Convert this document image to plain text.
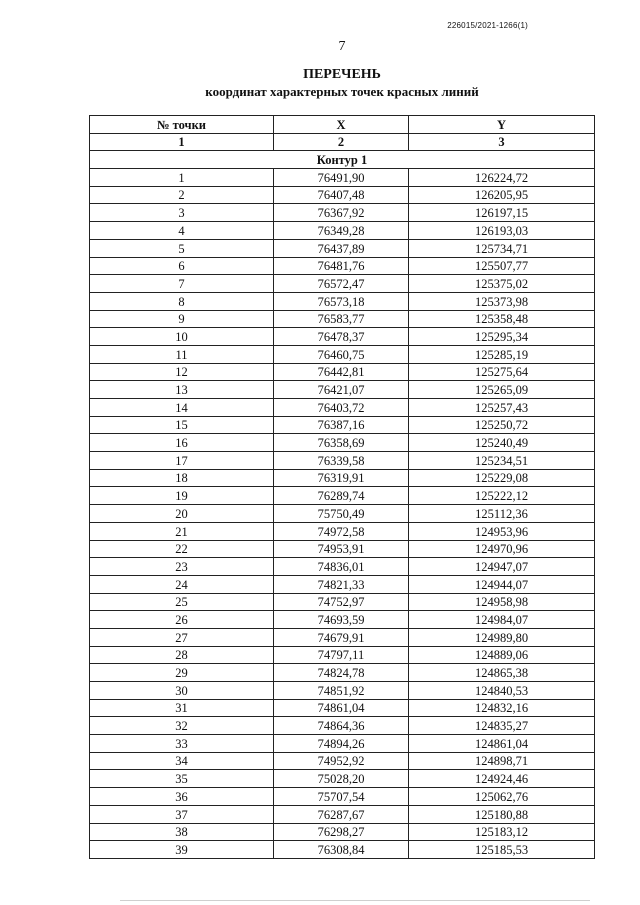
226015/2021-1266(1)
7
ПЕРЕЧЕНЬ
координат характерных точек красных линий
№ точки	X	Y
1	2	3
Контур 1		
1	76491,90	126224,72
2	76407,48	126205,95
3	76367,92	126197,15
4	76349,28	126193,03
5	76437,89	125734,71
6	76481,76	125507,77
7	76572,47	125375,02
8	76573,18	125373,98
9	76583,77	125358,48
10	76478,37	125295,34
11	76460,75	125285,19
12	76442,81	125275,64
13	76421,07	125265,09
14	76403,72	125257,43
15	76387,16	125250,72
16	76358,69	125240,49
17	76339,58	125234,51
18	76319,91	125229,08
19	76289,74	125222,12
20	75750,49	125112,36
21	74972,58	124953,96
22	74953,91	124970,96
23	74836,01	124947,07
24	74821,33	124944,07
25	74752,97	124958,98
26	74693,59	124984,07
27	74679,91	124989,80
28	74797,11	124889,06
29	74824,78	124865,38
30	74851,92	124840,53
31	74861,04	124832,16
32	74864,36	124835,27
33	74894,26	124861,04
34	74952,92	124898,71
35	75028,20	124924,46
36	75707,54	125062,76
37	76287,67	125180,88
38	76298,27	125183,12
39	76308,84	125185,53
